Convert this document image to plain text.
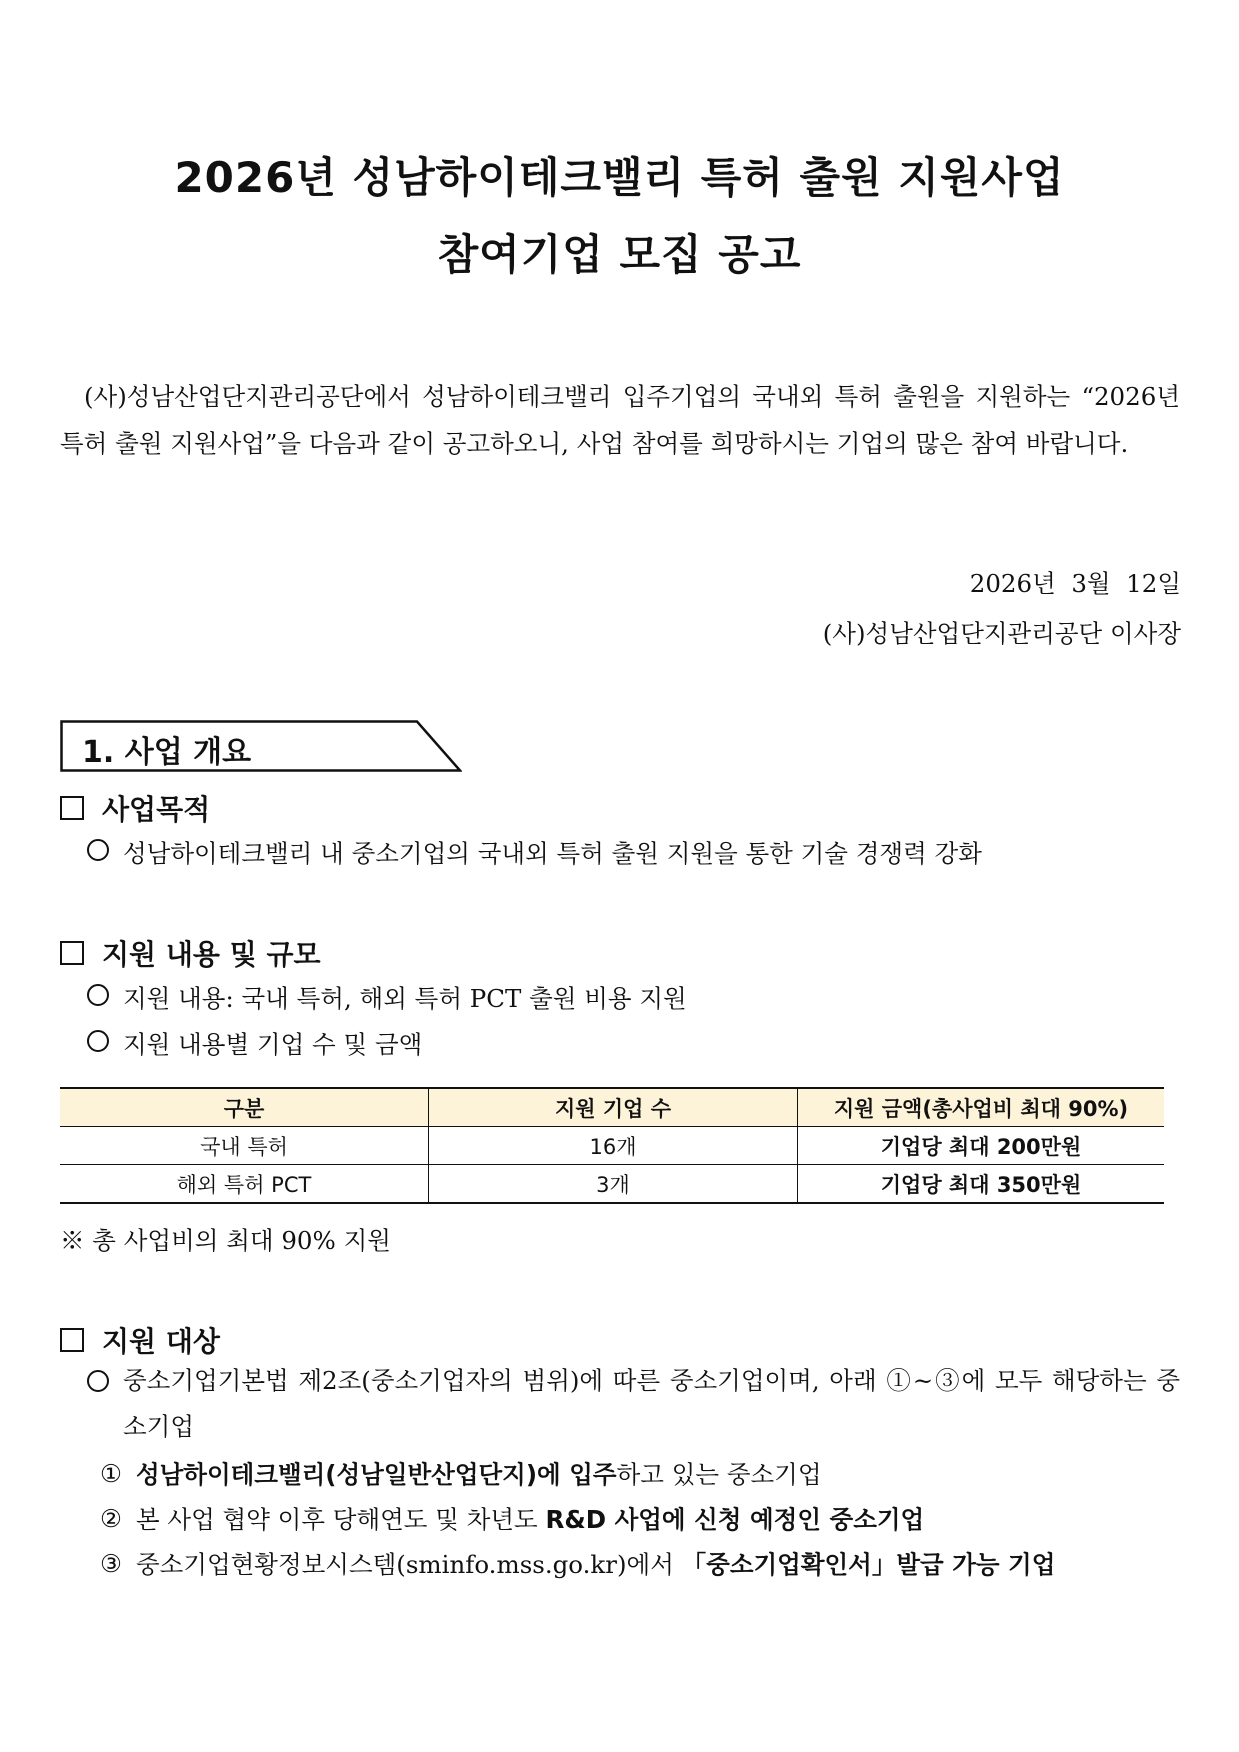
2026년 성남하이테크밸리 특허 출원 지원사업
참여기업 모집 공고
(사)성남산업단지관리공단에서 성남하이테크밸리 입주기업의 국내외 특허 출원을 지원하는 “2026년 특허 출원 지원사업”을 다음과 같이 공고하오니, 사업 참여를 희망하시는 기업의 많은 참여 바랍니다.
2026년  3월  12일
(사)성남산업단지관리공단 이사장
1. 사업 개요
사업목적
성남하이테크밸리 내 중소기업의 국내외 특허 출원 지원을 통한 기술 경쟁력 강화
지원 내용 및 규모
지원 내용: 국내 특허, 해외 특허 PCT 출원 비용 지원
지원 내용별 기업 수 및 금액
구분	지원 기업 수	지원 금액(총사업비 최대 90%)
국내 특허	16개	기업당 최대 200만원
해외 특허 PCT	3개	기업당 최대 350만원
※ 총 사업비의 최대 90% 지원
지원 대상
중소기업기본법 제2조(중소기업자의 범위)에 따른 중소기업이며, 아래 ①~③에 모두 해당하는 중소기업
① 성남하이테크밸리(성남일반산업단지)에 입주 하고 있는 중소기업
② 본 사업 협약 이후 당해연도 및 차년도 R&D 사업에 신청 예정인 중소기업
③ 중소기업현황정보시스템(sminfo.mss.go.kr)에서 「중소기업확인서」발급 가능 기업
